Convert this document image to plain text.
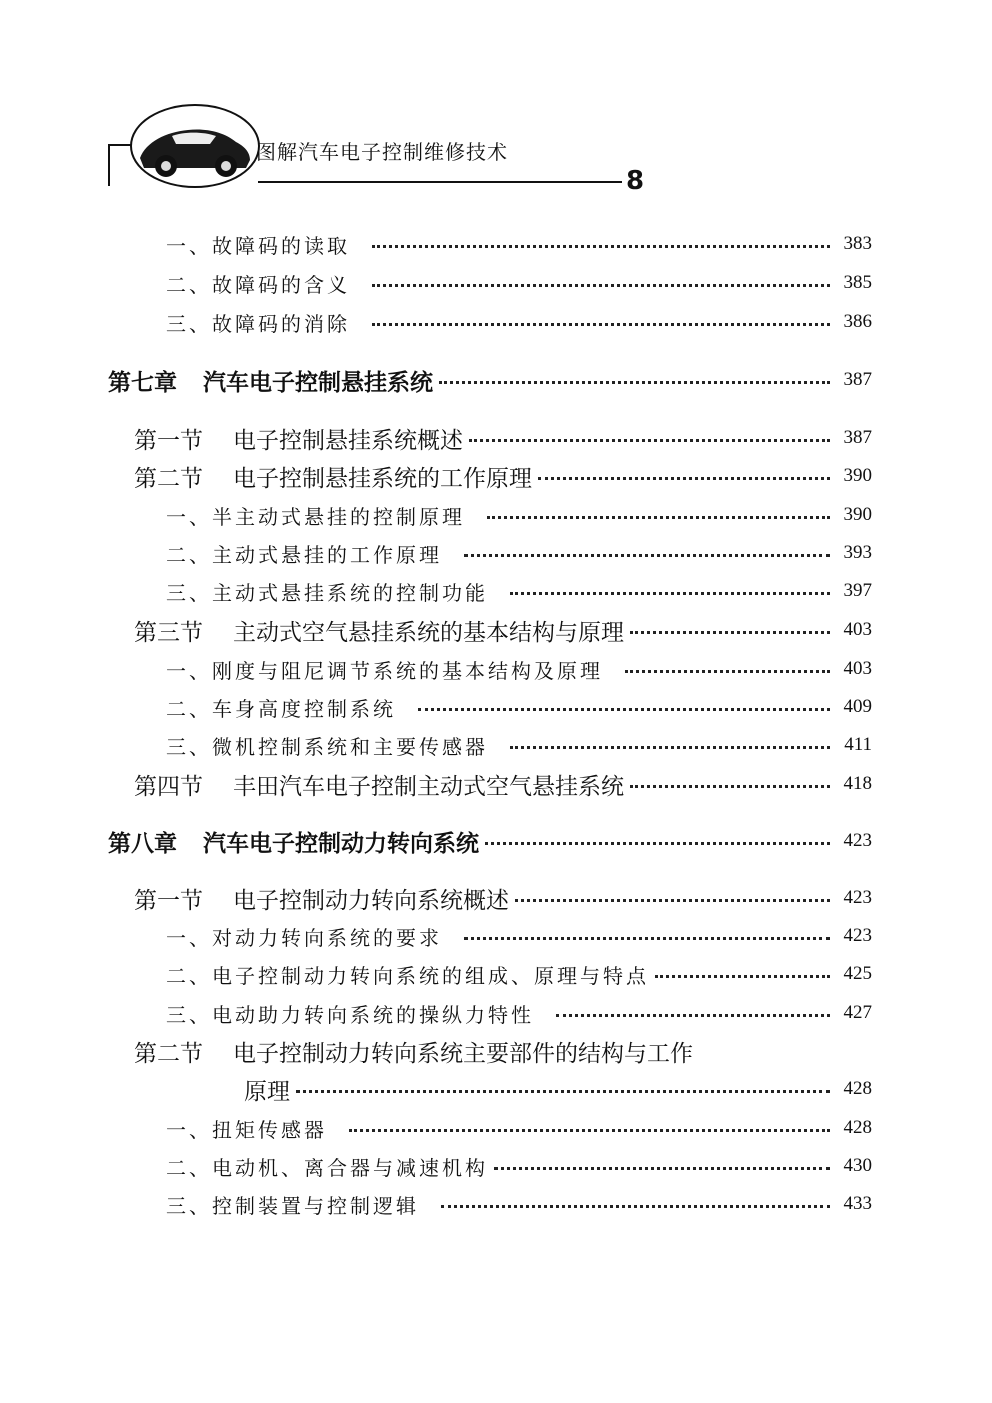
图解汽车电子控制维修技术
8
一、故障码的读取	383
二、故障码的含义	385
三、故障码的消除	386
第七章 汽车电子控制悬挂系统	387
第一节 电子控制悬挂系统概述	387
第二节 电子控制悬挂系统的工作原理	390
一、半主动式悬挂的控制原理	390
二、主动式悬挂的工作原理	393
三、主动式悬挂系统的控制功能	397
第三节 主动式空气悬挂系统的基本结构与原理	403
一、刚度与阻尼调节系统的基本结构及原理	403
二、车身高度控制系统	409
三、微机控制系统和主要传感器	411
第四节 丰田汽车电子控制主动式空气悬挂系统	418
第八章 汽车电子控制动力转向系统	423
第一节 电子控制动力转向系统概述	423
一、对动力转向系统的要求	423
二、电子控制动力转向系统的组成、原理与特点	425
三、电动助力转向系统的操纵力特性	427
第二节 电子控制动力转向系统主要部件的结构与工作
原理	428
一、扭矩传感器	428
二、电动机、离合器与减速机构	430
三、控制装置与控制逻辑	433
